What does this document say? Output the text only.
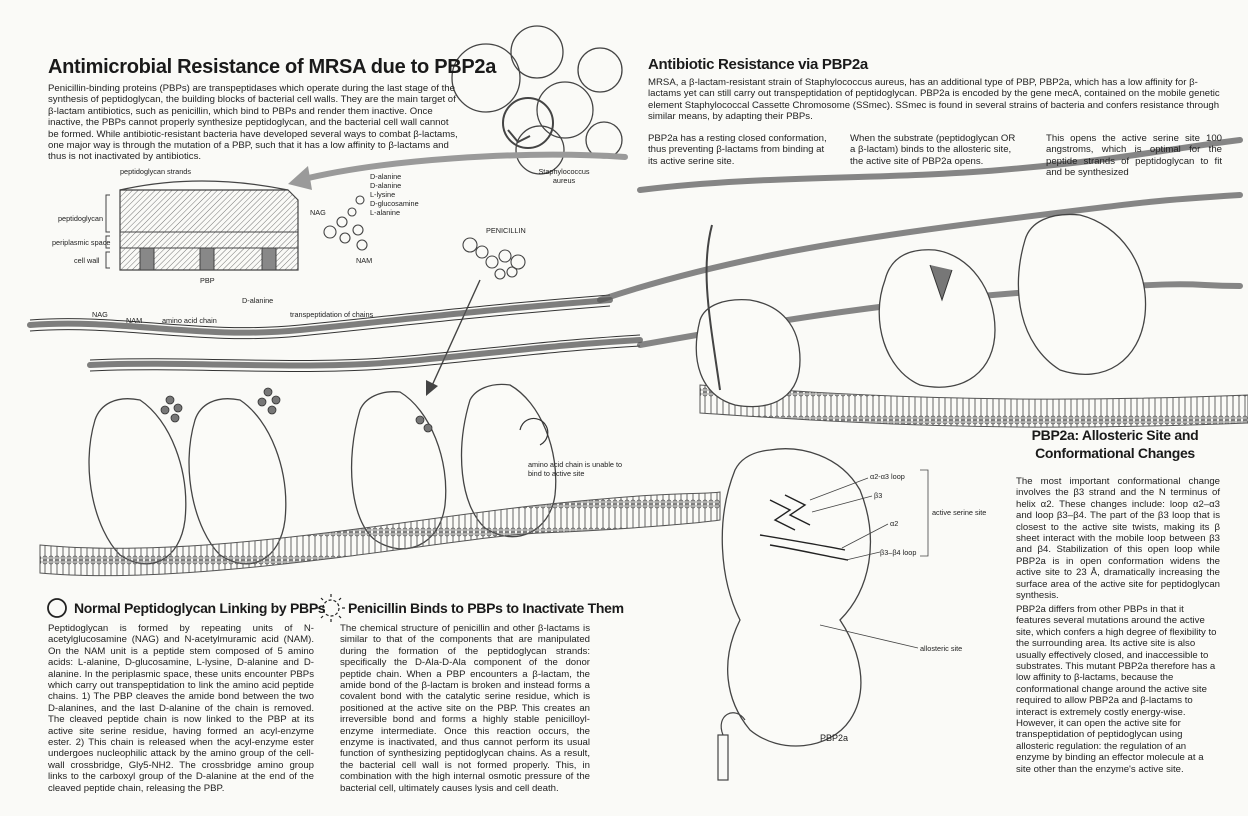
Antimicrobial Resistance of MRSA due to PBP2a

Penicillin-binding proteins (PBPs) are transpeptidases which operate during the last stage of the synthesis of peptidoglycan, the building blocks of bacterial cell walls. They are the main target of β-lactam antibiotics, such as penicillin, which bind to PBPs and render them inactive. Once inactive, the PBPs cannot properly synthesize peptidoglycan, and the bacterial cell wall cannot be formed. While antibiotic-resistant bacteria have developed several ways to combat β-lactams, one major way is through the mutation of a PBP, such that it has a low affinity to β-lactams and thus is not inactivated by antibiotics.

Staphylococcus aureus
peptidoglycan strands
peptidoglycan
periplasmic space
cell wall
PBP
NAG
NAM
D-alanine
D-alanine
L-lysine
D-glucosamine
L-alanine
PENICILLIN
NAG
NAM	amino acid chain
D-alanine
transpeptidation of chains
amino acid chain is unable to bind to active site
Antibiotic Resistance via PBP2a

MRSA, a β-lactam-resistant strain of Staphylococcus aureus, has an additional type of PBP, PBP2a, which has a low affinity for β-lactams yet can still carry out transpeptidation of peptidoglycan. PBP2a is encoded by the gene mecA, contained on the mobile genetic element Staphylococcal Cassette Chromosome (SSmec). SSmec is found in several strains of bacteria and confers resistance through similar means, by adapting their PBPs.

PBP2a has a resting closed conformation, thus preventing β-lactams from binding at its active serine site.

When the substrate (peptidoglycan OR a β-lactam) binds to the allosteric site, the active site of PBP2a opens.

This opens the active serine site 100 angstroms, which is optimal for the peptide strands of peptidoglycan to fit and be synthesized

PBP2a: Allosteric Site and
Conformational Changes

The most important conformational change involves the β3 strand and the N terminus of helix α2. These changes include: loop α2–α3 and loop β3–β4. The part of the β3 loop that is closest to the active site twists, making its β sheet interact with the mobile loop between β3 and β4. Stabilization of this open loop while PBP2a is in open conformation widens the active site to 23 Å, dramatically increasing the surface area of the active site for peptidoglycan synthesis.

PBP2a differs from other PBPs in that it features several mutations around the active site, which confers a high degree of flexibility to the surrounding area. Its active site is also usually effectively closed, and inaccessible to substrates. This mutant PBP2a therefore has a low affinity to β-lactams, because the conformational change around the active site required to allow PBP2a and β-lactams to interact is extremely costly energy-wise. However, it can open the active site for transpeptidation of peptidoglycan using allosteric regulation: the regulation of an enzyme by binding an effector molecule at a site other than the enzyme's active site.

α2-α3 loop
β3
α2
β3–β4 loop
active serine site
allosteric site
PBP2a
Normal Peptidoglycan Linking by PBPs

Peptidoglycan is formed by repeating units of N-acetylglucosamine (NAG) and N-acetylmuramic acid (NAM). On the NAM unit is a peptide stem composed of 5 amino acids: L-alanine, D-glucosamine, L-lysine, D-alanine and D-alanine. In the periplasmic space, these units encounter PBPs which carry out transpeptidation to link the amino acid peptide chains. 1) The PBP cleaves the amide bond between the two D-alanines, and the last D-alanine of the chain is removed. The cleaved peptide chain is now linked to the PBP at its active site serine residue, having formed an acyl-enzyme ester. 2) This chain is released when the acyl-enzyme ester undergoes nucleophilic attack by the amino group of the cell-wall crossbridge, Gly5-NH2. The crossbridge amino group links to the carboxyl group of the D-alanine at the end of the cleaved peptide chain, releasing the PBP.

Penicillin Binds to PBPs to Inactivate Them

The chemical structure of penicillin and other β-lactams is similar to that of the components that are manipulated during the formation of the peptidoglycan strands: specifically the D-Ala-D-Ala component of the donor peptide chain. When a PBP encounters a β-lactam, the amide bond of the β-lactam is broken and instead forms a covalent bond with the catalytic serine residue, which is positioned at the active site on the PBP. This creates an irreversible bond and forms a highly stable penicilloyl-enzyme intermediate. Once this reaction occurs, the enzyme is inactivated, and thus cannot perform its usual function of synthesizing peptidoglycan chains. As a result, the bacterial cell wall is not formed properly. This, in combination with the high internal osmotic pressure of the bacterial cell, ultimately causes lysis and cell death.
